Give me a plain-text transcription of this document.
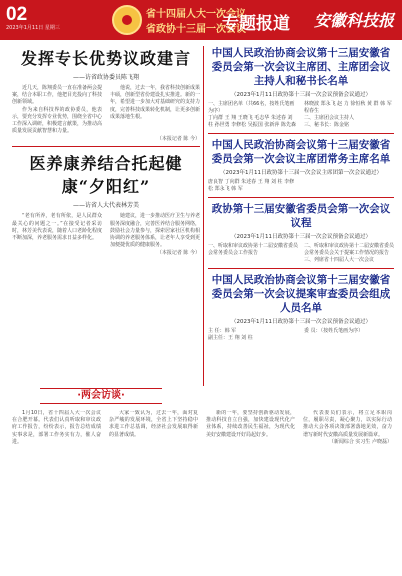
02
2023年1月11日 星期三
省十四届人大一次会议
省政协十三届一次会议
专题报道 安徽科技报
发挥专长优势议政建言
——访省政协委员陈飞翔

近几天，陈翔委员一直在准备两会提案，结合本职工作，他把目光投向了科技创新领域。

作为来自科技界的政协委员，他表示，要充分发挥专业优势，围绕全省中心工作深入调研，积极建言献策，为推动高质量发展贡献智慧和力量。

他说，过去一年，我省科技创新成果丰硕，创新型省份建设扎实推进。新的一年，希望进一步加大对基础研究的支持力度，完善科技成果转化机制，让更多创新成果落地生根。

（本报记者 陈 今）
医养康养结合托起健康“夕阳红”
——访省人大代表林芳美

“老有所养，老有所依，是人民群众最关心的问题之一。”在接受记者采访时，林芳美代表说，随着人口老龄化程度不断加深，养老服务需求日益多样化。

她建议，进一步推动医疗卫生与养老服务深度融合，完善医养结合服务网络，鼓励社会力量参与，探索居家社区机构相协调的养老服务体系，让老年人享受到更加便捷优质的健康服务。

（本报记者 陈 今）
中国人民政治协商会议第十三届安徽省委员会第一次会议主席团、主席团会议主持人和秘书长名单
（2023年1月11日政协第十三届一次会议预备会议通过）

一、主席团名单（共66名，按姓氏笔画为序）

丁向群 王 翔 王晓飞 毛志华 朱述春 刘 柱 孙世勇 李修松 吴振国 张新萍 陈先森 林晓波 郑永飞 赵 力 徐恒秋 黄 群 韩 军 程春生

二、主席团会议主持人

三、秘书长：陈金铭

中国人民政治协商会议第十三届安徽省委员会第一次会议主席团常务主席名单
（2023年1月11日政协第十三届一次会议主席团第一次会议通过）

唐良智 丁向群 朱述春 王 翔 刘 柱 李修松 郑永飞 韩 军

政协第十三届安徽省委员会第一次会议议程
（2023年1月11日政协第十三届一次会议预备会议通过）

一、听取和审议政协第十二届安徽省委员会常务委员会工作报告

二、听取和审议政协第十二届安徽省委员会常务委员会关于提案工作情况的报告

三、列席省十四届人大一次会议

中国人民政治协商会议第十三届安徽省委员会第一次会议提案审查委员会组成人员名单
（2023年1月11日政协第十三届一次会议预备会议通过）

主 任：韩 军

副主任：王 翔 刘 柱

委 员：（按姓氏笔画为序）

·两会访谈·

1月10日，省十四届人大一次会议在合肥开幕。代表们认真听取和审议政府工作报告，纷纷表示，报告总结成绩实事求是，部署工作务实有力，催人奋进。

大家一致认为，过去一年，面对复杂严峻的发展环境，全省上下坚持稳中求进工作总基调，经济社会发展取得新的显著成绩。

新的一年，要坚持创新驱动发展，推动科技自立自强，加快建设现代化产业体系，持续改善民生福祉，为现代化美好安徽建设开好局起好步。

代表委员们表示，将立足本职岗位，履职尽责，凝心聚力，以实际行动推动大会各项决策部署落地见效，奋力谱写新时代安徽高质量发展新篇章。

（新闻综合 实习生 卢晓磊）
